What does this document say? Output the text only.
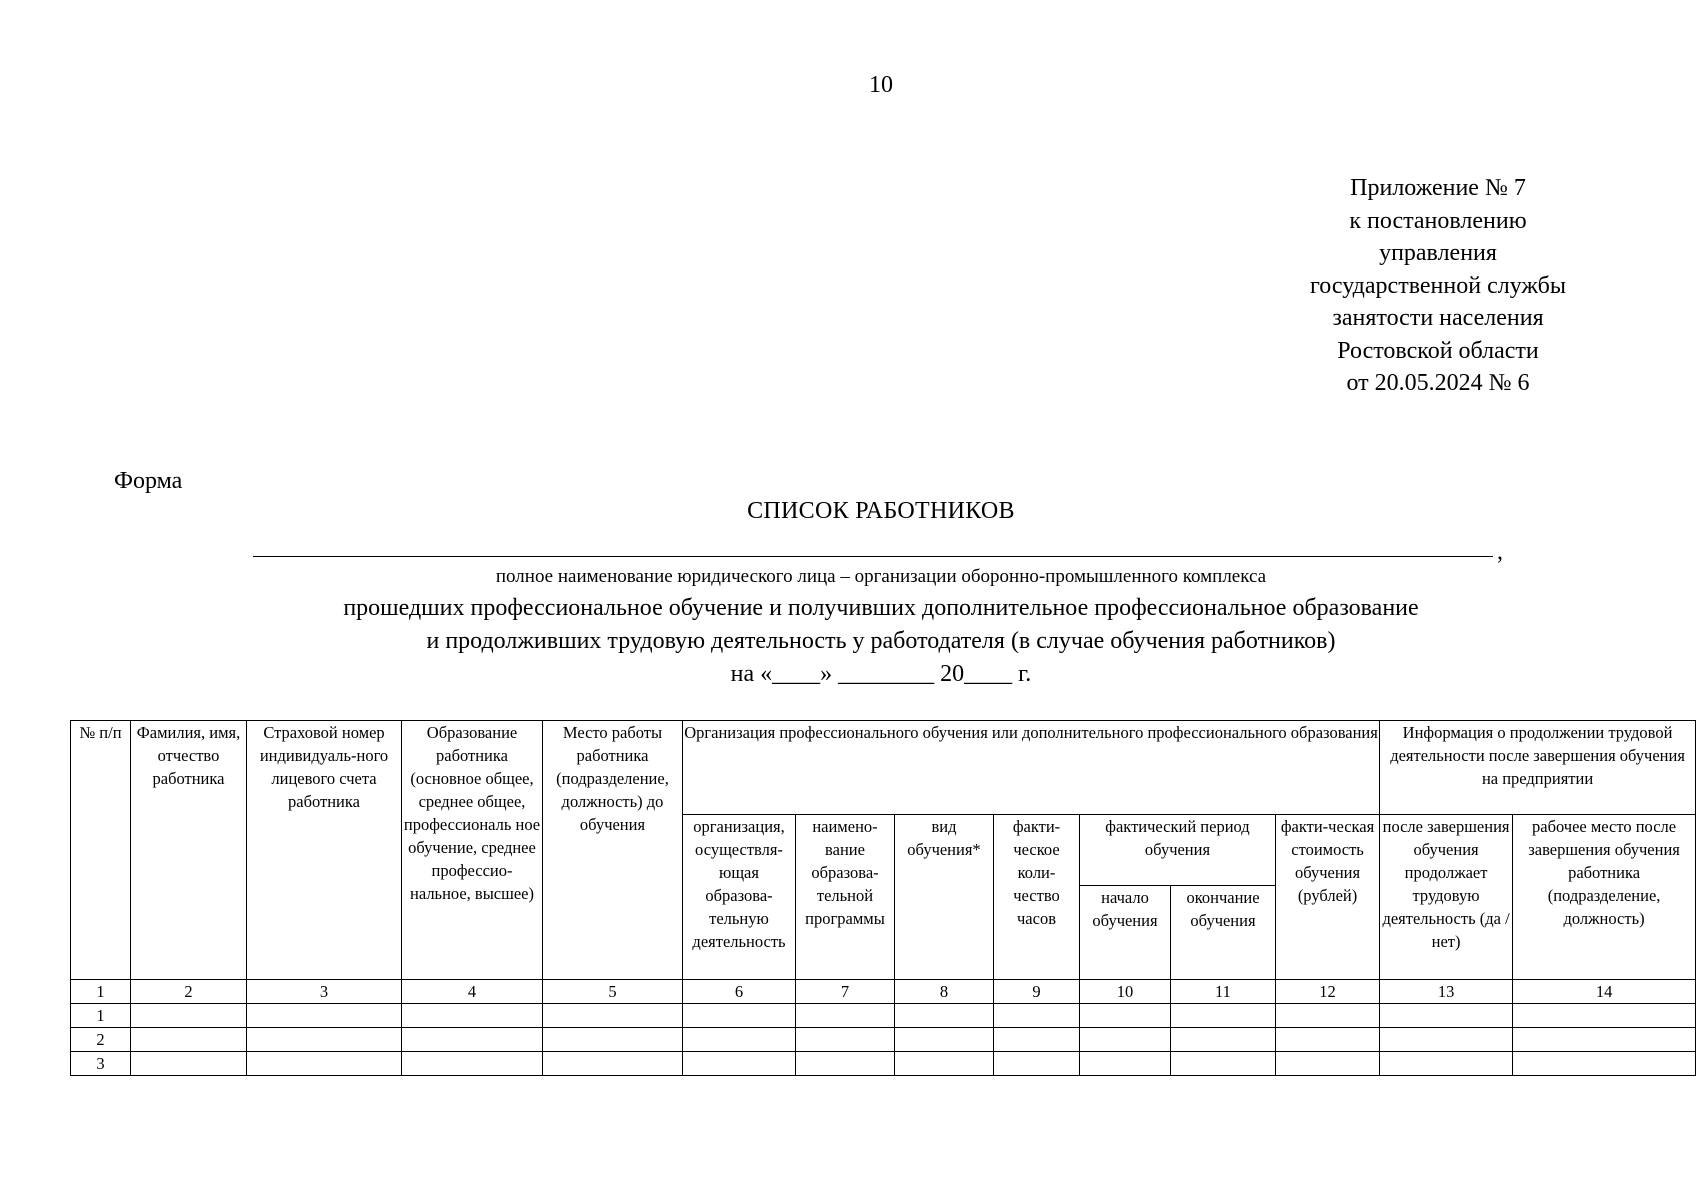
10
Приложение № 7
к постановлению
управления
государственной службы
занятости населения
Ростовской области
от 20.05.2024 № 6
Форма
СПИСОК РАБОТНИКОВ
,
полное наименование юридического лица – организации оборонно-промышленного комплекса
прошедших профессиональное обучение и получивших дополнительное профессиональное образование
и продолживших трудовую деятельность у работодателя (в случае обучения работников)
на «____» ________ 20____ г.
№ п/п	Фамилия, имя, отчество работника	Страховой номер индивидуаль-ного лицевого счета работника	Образование работника (основное общее, среднее общее, профессиональ ное обучение, среднее профессио-нальное, высшее)	Место работы работника (подразделение, должность) до обучения	Организация профессионального обучения или дополнительного профессионального образования							Информация о продолжении трудовой деятельности после завершения обучения на предприятии	
					организация, осуществля-ющая образова-тельную деятельность	наимено-вание образова-тельной программы	вид обучения*	факти-ческое коли-чество часов	фактический период обучения		факти-ческая стоимость обучения (рублей)	после завершения обучения продолжает трудовую деятельность (да / нет)	рабочее место после завершения обучения работника (подразделение, должность)
									начало обучения	окончание обучения			
1	2	3	4	5	6	7	8	9	10	11	12	13	14
1													
2													
3													
